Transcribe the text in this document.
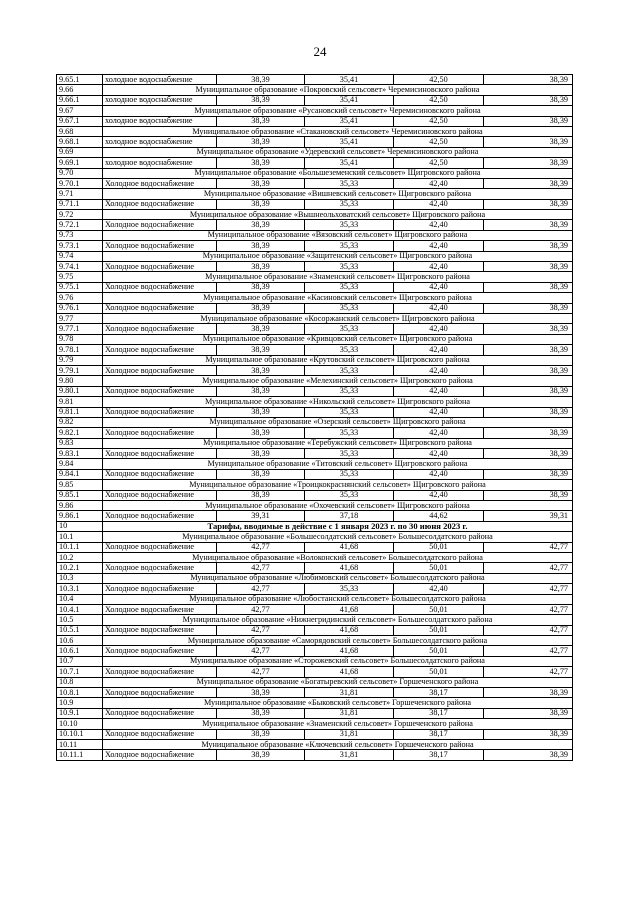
24
9.65.1	холодное водоснабжение	38,39	35,41	42,50	38,39
9.66	Муниципальное образование «Покровский сельсовет» Черемисиновского района				
9.66.1	холодное водоснабжение	38,39	35,41	42,50	38,39
9.67	Муниципальное образование «Русановский сельсовет» Черемисиновского района				
9.67.1	холодное водоснабжение	38,39	35,41	42,50	38,39
9.68	Муниципальное образование «Стакановский сельсовет» Черемисиновского района				
9.68.1	холодное водоснабжение	38,39	35,41	42,50	38,39
9.69	Муниципальное образование «Удеревский сельсовет» Черемисиновского района				
9.69.1	холодное водоснабжение	38,39	35,41	42,50	38,39
9.70	Муниципальное образование «Большеземенский сельсовет» Щигровского района				
9.70.1	Холодное водоснабжение	38,39	35,33	42,40	38,39
9.71	Муниципальное образование «Вишневский сельсовет» Щигровского района				
9.71.1	Холодное водоснабжение	38,39	35,33	42,40	38,39
9.72	Муниципальное образование «Вышнеольховатский сельсовет» Щигровского района				
9.72.1	Холодное водоснабжение	38,39	35,33	42,40	38,39
9.73	Муниципальное образование «Вязовский сельсовет» Щигровского района				
9.73.1	Холодное водоснабжение	38,39	35,33	42,40	38,39
9.74	Муниципальное образование «Защитенский сельсовет» Щигровского района				
9.74.1	Холодное водоснабжение	38,39	35,33	42,40	38,39
9.75	Муниципальное образование «Знаменский сельсовет» Щигровского района				
9.75.1	Холодное водоснабжение	38,39	35,33	42,40	38,39
9.76	Муниципальное образование «Касиновский сельсовет» Щигровского района				
9.76.1	Холодное водоснабжение	38,39	35,33	42,40	38,39
9.77	Муниципальное образование «Косоржанский сельсовет» Щигровского района				
9.77.1	Холодное водоснабжение	38,39	35,33	42,40	38,39
9.78	Муниципальное образование «Кривцовский сельсовет» Щигровского района				
9.78.1	Холодное водоснабжение	38,39	35,33	42,40	38,39
9.79	Муниципальное образование «Крутовский сельсовет» Щигровского района				
9.79.1	Холодное водоснабжение	38,39	35,33	42,40	38,39
9.80	Муниципальное образование «Мелехинский сельсовет» Щигровского района				
9.80.1	Холодное водоснабжение	38,39	35,33	42,40	38,39
9.81	Муниципальное образование «Никольский сельсовет» Щигровского района				
9.81.1	Холодное водоснабжение	38,39	35,33	42,40	38,39
9.82	Муниципальное образование «Озерский сельсовет» Щигровского района				
9.82.1	Холодное водоснабжение	38,39	35,33	42,40	38,39
9.83	Муниципальное образование «Теребужский сельсовет» Щигровского района				
9.83.1	Холодное водоснабжение	38,39	35,33	42,40	38,39
9.84	Муниципальное образование «Титовский сельсовет» Щигровского района				
9.84.1	Холодное водоснабжение	38,39	35,33	42,40	38,39
9.85	Муниципальное образование «Троицкокраснянский сельсовет» Щигровского района				
9.85.1	Холодное водоснабжение	38,39	35,33	42,40	38,39
9.86	Муниципальное образование «Охочевский сельсовет» Щигровского района				
9.86.1	Холодное водоснабжение	39,31	37,18	44,62	39,31
10	Тарифы, вводимые в действие с 1 января 2023 г. по 30 июня 2023 г.				
10.1	Муниципальное образование «Большесолдатский сельсовет» Большесолдатского района				
10.1.1	Холодное водоснабжение	42,77	41,68	50,01	42,77
10.2	Муниципальное образование «Волоконский сельсовет» Большесолдатского района				
10.2.1	Холодное водоснабжение	42,77	41,68	50,01	42,77
10.3	Муниципальное образование «Любимовский сельсовет» Большесолдатского района				
10.3.1	Холодное водоснабжение	42,77	35,33	42,40	42,77
10.4	Муниципальное образование «Любостанский сельсовет» Большесолдатского района				
10.4.1	Холодное водоснабжение	42,77	41,68	50,01	42,77
10.5	Муниципальное образование «Нижнегридинский сельсовет» Большесолдатского района				
10.5.1	Холодное водоснабжение	42,77	41,68	50,01	42,77
10.6	Муниципальное образование «Саморядовский сельсовет» Большесолдатского района				
10.6.1	Холодное водоснабжение	42,77	41,68	50,01	42,77
10.7	Муниципальное образование «Сторожевский сельсовет» Большесолдатского района				
10.7.1	Холодное водоснабжение	42,77	41,68	50,01	42,77
10.8	Муниципальное образование «Богатыревский сельсовет» Горшеченского района				
10.8.1	Холодное водоснабжение	38,39	31,81	38,17	38,39
10.9	Муниципальное образование «Быковский сельсовет» Горшеченского района				
10.9.1	Холодное водоснабжение	38,39	31,81	38,17	38,39
10.10	Муниципальное образование «Знаменский сельсовет» Горшеченского района				
10.10.1	Холодное водоснабжение	38,39	31,81	38,17	38,39
10.11	Муниципальное образование «Ключевский сельсовет» Горшеченского района				
10.11.1	Холодное водоснабжение	38,39	31,81	38,17	38,39
